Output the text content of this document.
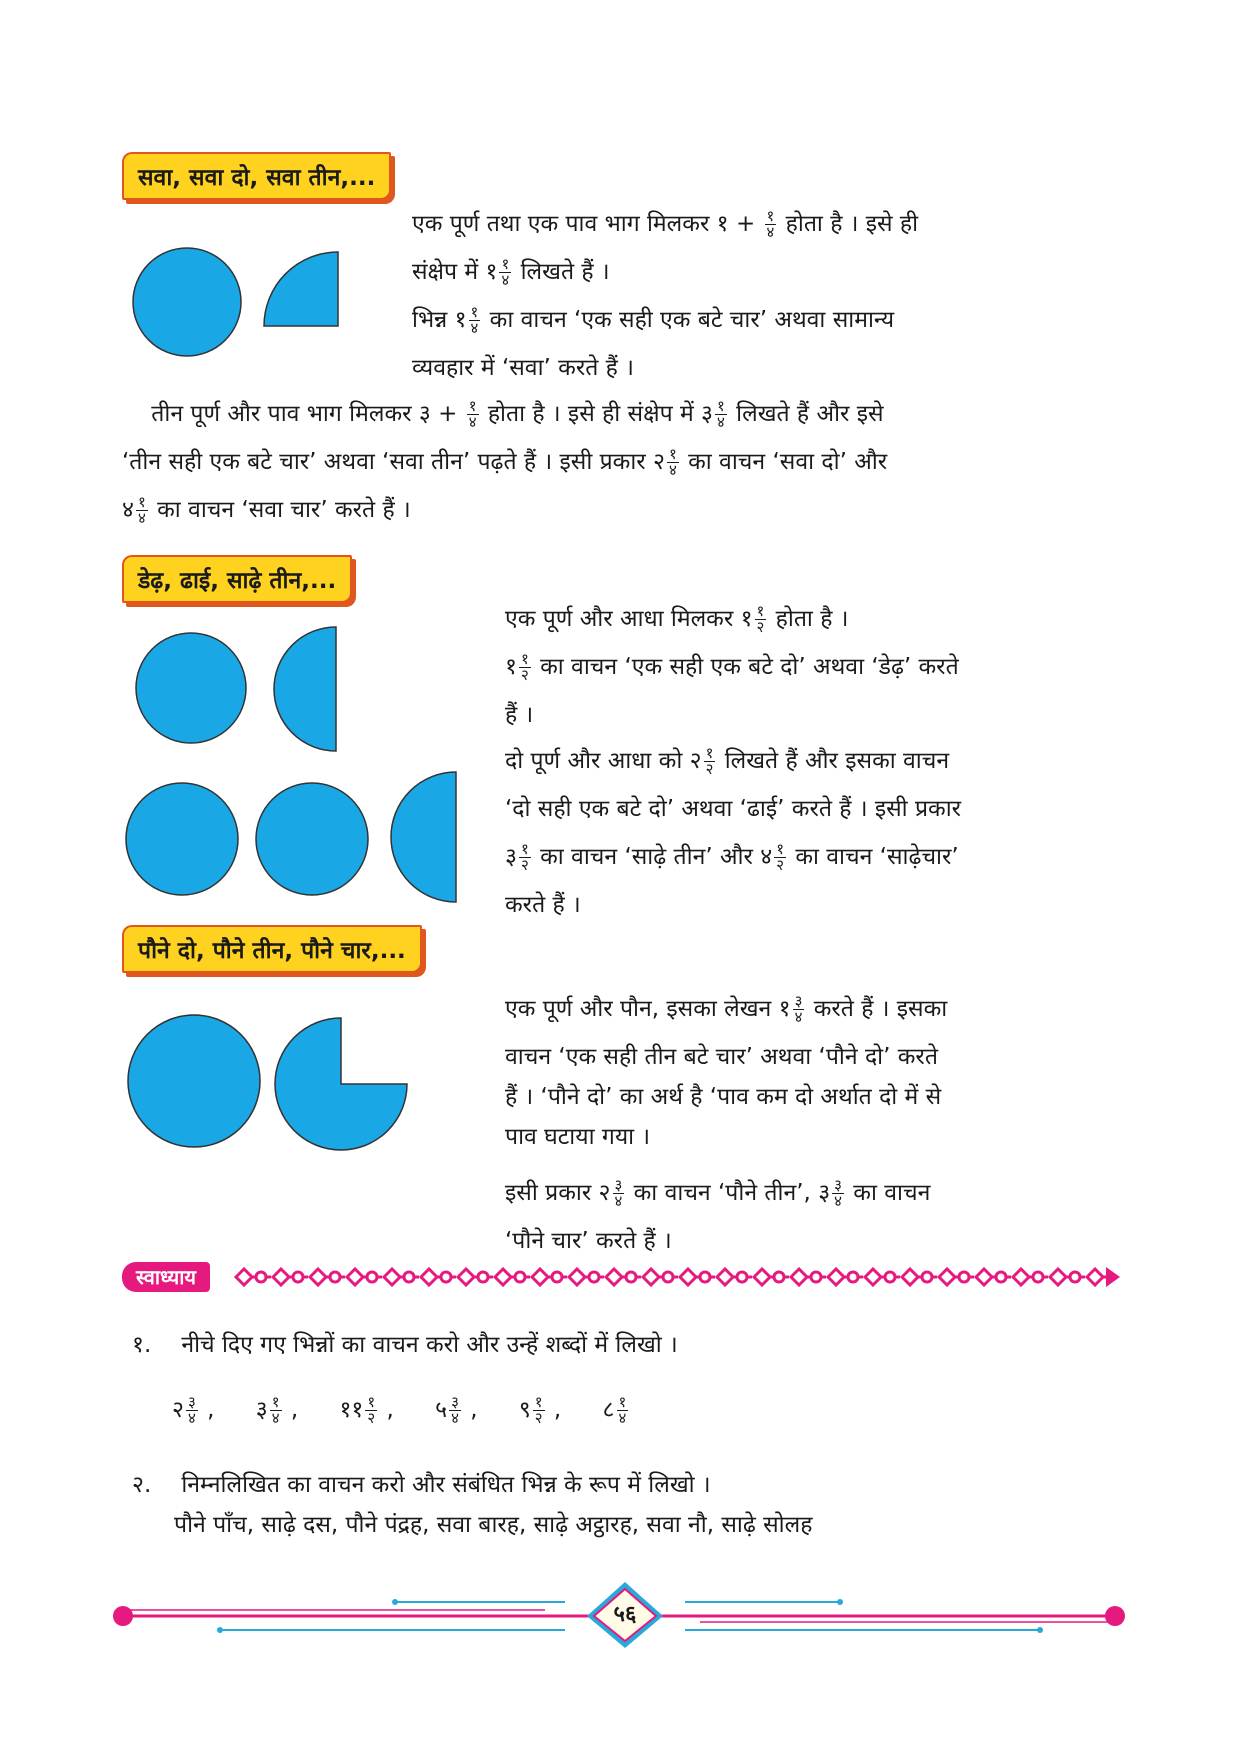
सवा, सवा दो, सवा तीन,...
एक पूर्ण तथा एक पाव भाग मिलकर १ + १
४ होता है । इसे ही
संक्षेप में १ १
४ लिखते हैं ।
भिन्न १ १
४ का वाचन ‘एक सही एक बटे चार’ अथवा सामान्य
व्यवहार में ‘सवा’ करते हैं ।
तीन पूर्ण और पाव भाग मिलकर ३ + १
४ होता है । इसे ही संक्षेप में ३ १
४ लिखते हैं और इसे
‘तीन सही एक बटे चार’ अथवा ‘सवा तीन’ पढ़ते हैं । इसी प्रकार २ १
४ का वाचन ‘सवा दो’ और
४ १
४ का वाचन ‘सवा चार’ करते हैं ।
डेढ़, ढाई, साढ़े तीन,...
एक पूर्ण और आधा मिलकर १ १
२ होता है ।
१ १
२ का वाचन ‘एक सही एक बटे दो’ अथवा ‘डेढ़’ करते
हैं ।
दो पूर्ण और आधा को २ १
२ लिखते हैं और इसका वाचन
‘दो सही एक बटे दो’ अथवा ‘ढाई’ करते हैं । इसी प्रकार
३ १
२ का वाचन ‘साढ़े तीन’ और ४ १
२ का वाचन ‘साढ़ेचार’
करते हैं ।
पौने दो, पौने तीन, पौने चार,...
एक पूर्ण और पौन, इसका लेखन १ ३
४ करते हैं । इसका
वाचन ‘एक सही तीन बटे चार’ अथवा ‘पौने दो’ करते
हैं । ‘पौने दो’ का अर्थ है ‘पाव कम दो अर्थात दो में से
पाव घटाया गया ।
इसी प्रकार २ ३
४ का वाचन ‘पौने तीन’, ३ ३
४ का वाचन
‘पौने चार’ करते हैं ।
स्वाध्याय
१. नीचे दिए गए भिन्नों का वाचन करो और उन्हें शब्दों में लिखो ।
२ ३
४ , ३ १
४ , ११ १
२ , ५ ३
४ , ९ १
२ , ८ १
४
२. निम्नलिखित का वाचन करो और संबंधित भिन्न के रूप में लिखो ।
पौने पाँच, साढ़े दस, पौने पंद्रह, सवा बारह, साढ़े अट्ठारह, सवा नौ, साढ़े सोलह
५६
